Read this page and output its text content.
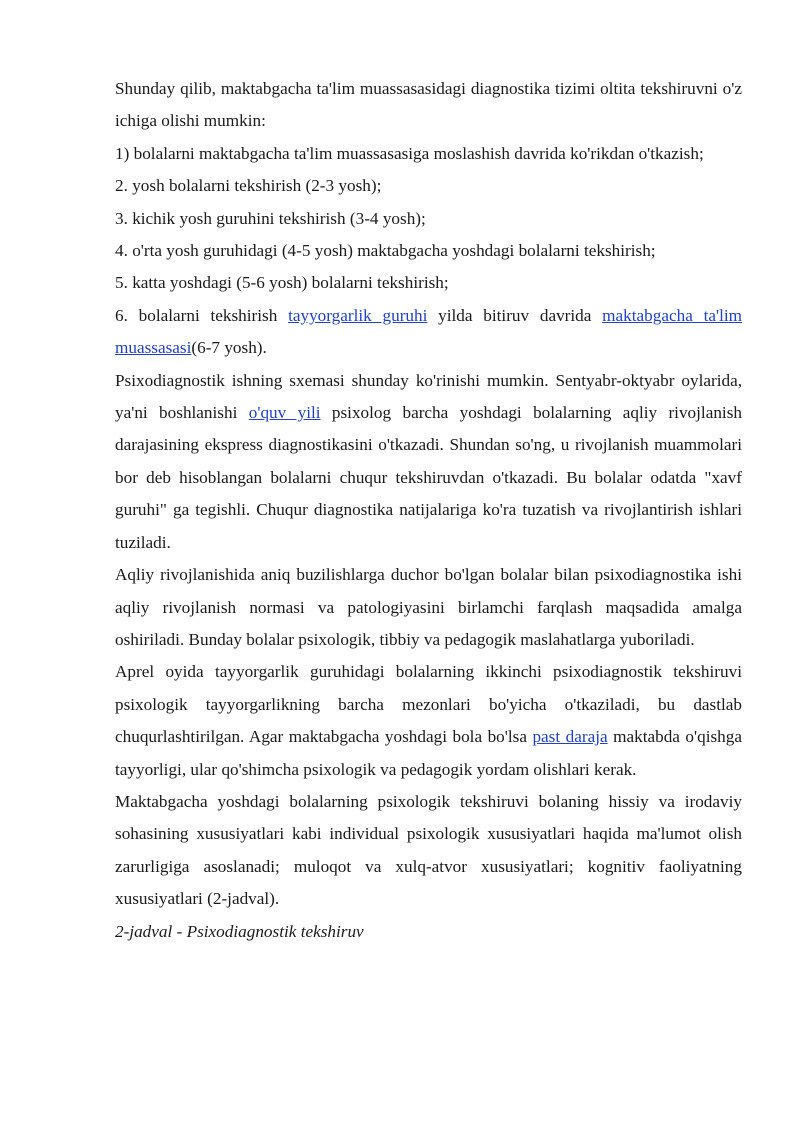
Shunday qilib, maktabgacha ta'lim muassasasidagi diagnostika tizimi oltita tekshiruvni o'z ichiga olishi mumkin:

1) bolalarni maktabgacha ta'lim muassasasiga moslashish davrida ko'rikdan o'tkazish;

2. yosh bolalarni tekshirish (2-3 yosh);

3. kichik yosh guruhini tekshirish (3-4 yosh);

4. o'rta yosh guruhidagi (4-5 yosh) maktabgacha yoshdagi bolalarni tekshirish;

5. katta yoshdagi (5-6 yosh) bolalarni tekshirish;

6. bolalarni tekshirish tayyorgarlik guruhi yilda bitiruv davrida maktabgacha ta'lim muassasasi(6-7 yosh).

Psixodiagnostik ishning sxemasi shunday ko'rinishi mumkin. Sentyabr-oktyabr oylarida, ya'ni boshlanishi o'quv yili psixolog barcha yoshdagi bolalarning aqliy rivojlanish darajasining ekspress diagnostikasini o'tkazadi. Shundan so'ng, u rivojlanish muammolari bor deb hisoblangan bolalarni chuqur tekshiruvdan o'tkazadi. Bu bolalar odatda "xavf guruhi" ga tegishli. Chuqur diagnostika natijalariga ko'ra tuzatish va rivojlantirish ishlari tuziladi.

Aqliy rivojlanishida aniq buzilishlarga duchor bo'lgan bolalar bilan psixodiagnostika ishi aqliy rivojlanish normasi va patologiyasini birlamchi farqlash maqsadida amalga oshiriladi. Bunday bolalar psixologik, tibbiy va pedagogik maslahatlarga yuboriladi.

Aprel oyida tayyorgarlik guruhidagi bolalarning ikkinchi psixodiagnostik tekshiruvi psixologik tayyorgarlikning barcha mezonlari bo'yicha o'tkaziladi, bu dastlab chuqurlashtirilgan. Agar maktabgacha yoshdagi bola bo'lsa past daraja maktabda o'qishga tayyorligi, ular qo'shimcha psixologik va pedagogik yordam olishlari kerak.

Maktabgacha yoshdagi bolalarning psixologik tekshiruvi bolaning hissiy va irodaviy sohasining xususiyatlari kabi individual psixologik xususiyatlari haqida ma'lumot olish zarurligiga asoslanadi; muloqot va xulq-atvor xususiyatlari; kognitiv faoliyatning xususiyatlari (2-jadval).

2-jadval - Psixodiagnostik tekshiruv
